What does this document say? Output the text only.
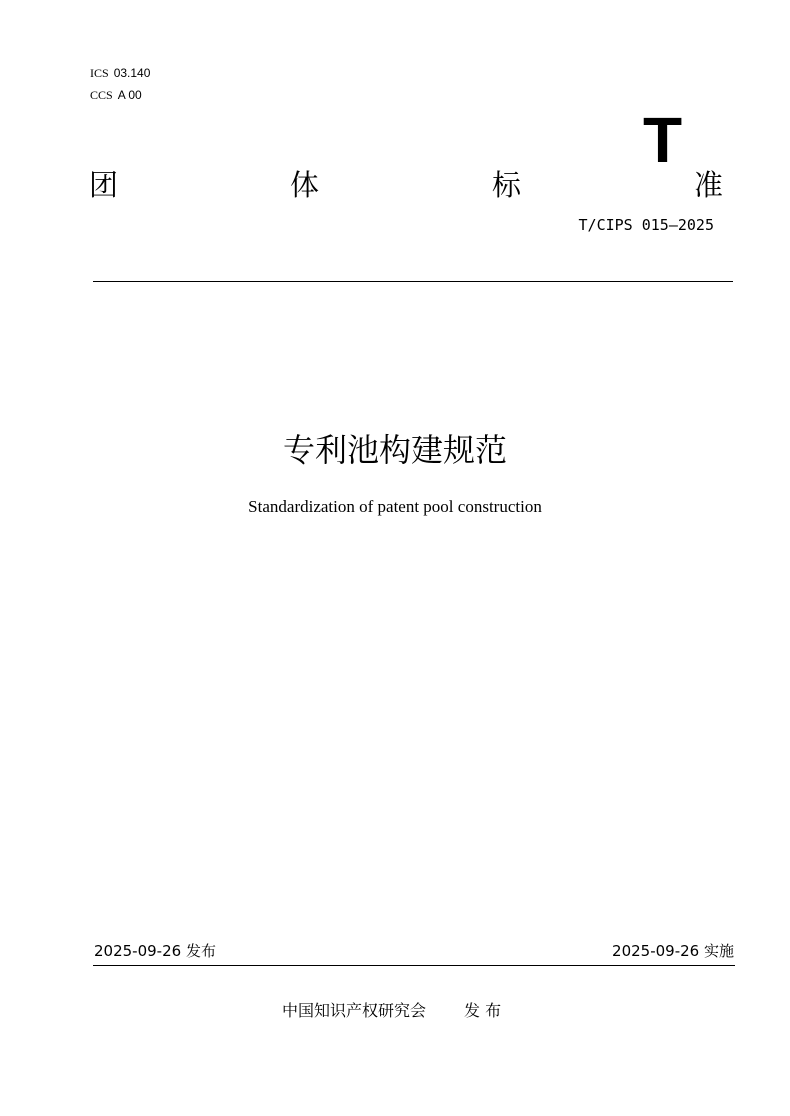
ICS 03.140
CCS A 00
T
团	体	标	准
T/CIPS 015—2025
专利池构建规范
Standardization of patent pool construction
2025-09-26 发布	2025-09-26 实施
中国知识产权研究会 发 布
